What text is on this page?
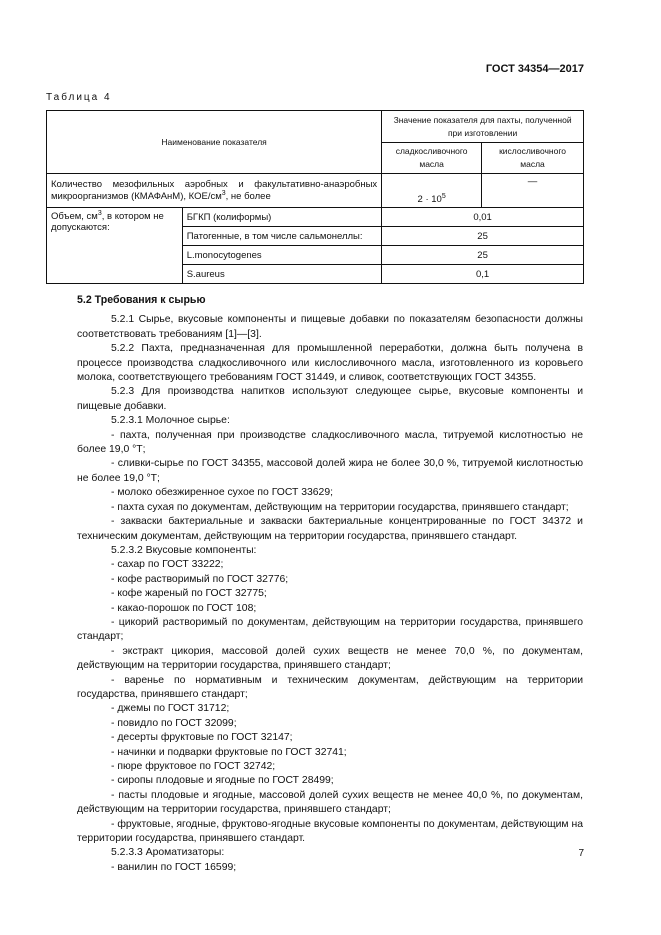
ГОСТ 34354—2017
Таблица 4
Наименование показателя		Значение показателя для пахты, полученной при изготовлении	
		сладкосливочного масла	кислосливочного масла
Количество мезофильных аэробных и факультативно-анаэробных микроорганизмов (КМАФАнМ), КОЕ/$см^3$, не более		$2 \cdot 10^5$	—
Объем, $см^3$, в котором не допускаются:	БГКП (колиформы)	0,01	
	Патогенные, в том числе сальмонеллы:	25	
	L.monocytogenes	25	
	S.aureus	0,1	

5.2 Требования к сырью

5.2.1 Сырье, вкусовые компоненты и пищевые добавки по показателям безопасности должны соответствовать требованиям [1]—[3].

5.2.2 Пахта, предназначенная для промышленной переработки, должна быть получена в процессе производства сладкосливочного или кислосливочного масла, изготовленного из коровьего молока, соответствующего требованиям ГОСТ 31449, и сливок, соответствующих ГОСТ 34355.

5.2.3 Для производства напитков используют следующее сырье, вкусовые компоненты и пищевые добавки.

5.2.3.1 Молочное сырье:

- пахта, полученная при производстве сладкосливочного масла, титруемой кислотностью не более 19,0 °Т;

- сливки-сырье по ГОСТ 34355, массовой долей жира не более 30,0 %, титруемой кислотностью не более 19,0 °Т;

- молоко обезжиренное сухое по ГОСТ 33629;

- пахта сухая по документам, действующим на территории государства, принявшего стандарт;

- закваски бактериальные и закваски бактериальные концентрированные по ГОСТ 34372 и техническим документам, действующим на территории государства, принявшего стандарт.

5.2.3.2 Вкусовые компоненты:

- сахар по ГОСТ 33222;

- кофе растворимый по ГОСТ 32776;

- кофе жареный по ГОСТ 32775;

- какао-порошок по ГОСТ 108;

- цикорий растворимый по документам, действующим на территории государства, принявшего стандарт;

- экстракт цикория, массовой долей сухих веществ не менее 70,0 %, по документам, действующим на территории государства, принявшего стандарт;

- варенье по нормативным и техническим документам, действующим на территории государства, принявшего стандарт;

- джемы по ГОСТ 31712;

- повидло по ГОСТ 32099;

- десерты фруктовые по ГОСТ 32147;

- начинки и подварки фруктовые по ГОСТ 32741;

- пюре фруктовое по ГОСТ 32742;

- сиропы плодовые и ягодные по ГОСТ 28499;

- пасты плодовые и ягодные, массовой долей сухих веществ не менее 40,0 %, по документам, действующим на территории государства, принявшего стандарт;

- фруктовые, ягодные, фруктово-ягодные вкусовые компоненты по документам, действующим на территории государства, принявшего стандарт.

5.2.3.3 Ароматизаторы:

- ванилин по ГОСТ 16599;

7
